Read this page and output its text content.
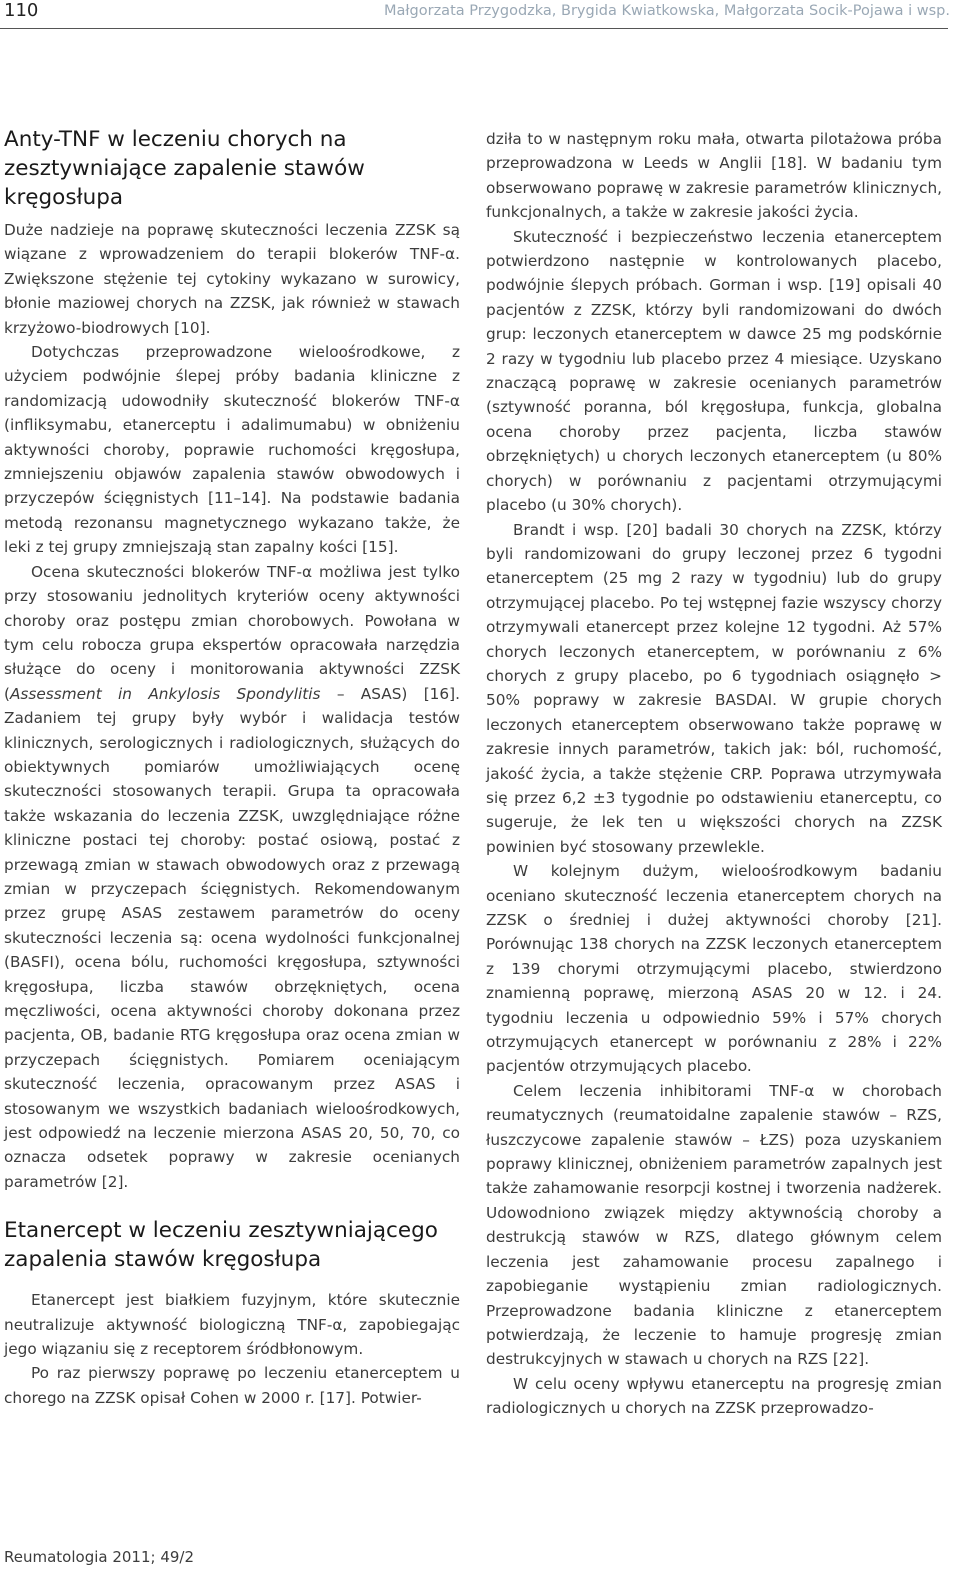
110	Małgorzata Przygodzka, Brygida Kwiatkowska, Małgorzata Socik-Pojawa i wsp.
Anty-TNF w leczeniu chorych na zesztywniające zapalenie stawów kręgosłupa

Duże nadzieje na poprawę skuteczności leczenia ZZSK są wiązane z wprowadzeniem do terapii blokerów TNF-α. Zwiększone stężenie tej cytokiny wykazano w surowicy, błonie maziowej chorych na ZZSK, jak również w stawach krzyżowo-biodrowych [10].

Dotychczas przeprowadzone wieloośrodkowe, z użyciem podwójnie ślepej próby badania kliniczne z randomizacją udowodniły skuteczność blokerów TNF-α (infliksymabu, etanerceptu i adalimumabu) w obniżeniu aktywności choroby, poprawie ruchomości kręgosłupa, zmniejszeniu objawów zapalenia stawów obwodowych i przyczepów ścięgnistych [11–14]. Na podstawie badania metodą rezonansu magnetycznego wykazano także, że leki z tej grupy zmniejszają stan zapalny kości [15].

Ocena skuteczności blokerów TNF-α możliwa jest tylko przy stosowaniu jednolitych kryteriów oceny aktywności choroby oraz postępu zmian chorobowych. Powołana w tym celu robocza grupa ekspertów opracowała narzędzia służące do oceny i monitorowania aktywności ZZSK (Assessment in Ankylosis Spondylitis – ASAS) [16]. Zadaniem tej grupy były wybór i walidacja testów klinicznych, serologicznych i radiologicznych, służących do obiektywnych pomiarów umożliwiających ocenę skuteczności stosowanych terapii. Grupa ta opracowała także wskazania do leczenia ZZSK, uwzględniające różne kliniczne postaci tej choroby: postać osiową, postać z przewagą zmian w stawach obwodowych oraz z przewagą zmian w przyczepach ścięgnistych. Rekomendowanym przez grupę ASAS zestawem parametrów do oceny skuteczności leczenia są: ocena wydolności funkcjonalnej (BASFI), ocena bólu, ruchomości kręgosłupa, sztywności kręgosłupa, liczba stawów obrzękniętych, ocena męczliwości, ocena aktywności choroby dokonana przez pacjenta, OB, badanie RTG kręgosłupa oraz ocena zmian w przyczepach ścięgnistych. Pomiarem oceniającym skuteczność leczenia, opracowanym przez ASAS i stosowanym we wszystkich badaniach wieloośrodkowych, jest odpowiedź na leczenie mierzona ASAS 20, 50, 70, co oznacza odsetek poprawy w zakresie ocenianych parametrów [2].

Etanercept w leczeniu zesztywniającego zapalenia stawów kręgosłupa

Etanercept jest białkiem fuzyjnym, które skutecznie neutralizuje aktywność biologiczną TNF-α, zapobiegając jego wiązaniu się z receptorem śródbłonowym.

Po raz pierwszy poprawę po leczeniu etanerceptem u chorego na ZZSK opisał Cohen w 2000 r. [17]. Potwier-

dziła to w następnym roku mała, otwarta pilotażowa próba przeprowadzona w Leeds w Anglii [18]. W badaniu tym obserwowano poprawę w zakresie parametrów klinicznych, funkcjonalnych, a także w zakresie jakości życia.

Skuteczność i bezpieczeństwo leczenia etanerceptem potwierdzono następnie w kontrolowanych placebo, podwójnie ślepych próbach. Gorman i wsp. [19] opisali 40 pacjentów z ZZSK, którzy byli randomizowani do dwóch grup: leczonych etanerceptem w dawce 25 mg podskórnie 2 razy w tygodniu lub placebo przez 4 miesiące. Uzyskano znaczącą poprawę w zakresie ocenianych parametrów (sztywność poranna, ból kręgosłupa, funkcja, globalna ocena choroby przez pacjenta, liczba stawów obrzękniętych) u chorych leczonych etanerceptem (u 80% chorych) w porównaniu z pacjentami otrzymującymi placebo (u 30% chorych).

Brandt i wsp. [20] badali 30 chorych na ZZSK, którzy byli randomizowani do grupy leczonej przez 6 tygodni etanerceptem (25 mg 2 razy w tygodniu) lub do grupy otrzymującej placebo. Po tej wstępnej fazie wszyscy chorzy otrzymywali etanercept przez kolejne 12 tygodni. Aż 57% chorych leczonych etanerceptem, w porównaniu z 6% chorych z grupy placebo, po 6 tygodniach osiągnęło > 50% poprawy w zakresie BASDAI. W grupie chorych leczonych etanerceptem obserwowano także poprawę w zakresie innych parametrów, takich jak: ból, ruchomość, jakość życia, a także stężenie CRP. Poprawa utrzymywała się przez 6,2 ±3 tygodnie po odstawieniu etanerceptu, co sugeruje, że lek ten u większości chorych na ZZSK powinien być stosowany przewlekle.

W kolejnym dużym, wieloośrodkowym badaniu oceniano skuteczność leczenia etanerceptem chorych na ZZSK o średniej i dużej aktywności choroby [21]. Porównując 138 chorych na ZZSK leczonych etanerceptem z 139 chorymi otrzymującymi placebo, stwierdzono znamienną poprawę, mierzoną ASAS 20 w 12. i 24. tygodniu leczenia u odpowiednio 59% i 57% chorych otrzymujących etanercept w porównaniu z 28% i 22% pacjentów otrzymujących placebo.

Celem leczenia inhibitorami TNF-α w chorobach reumatycznych (reumatoidalne zapalenie stawów – RZS, łuszczycowe zapalenie stawów – ŁZS) poza uzyskaniem poprawy klinicznej, obniżeniem parametrów zapalnych jest także zahamowanie resorpcji kostnej i tworzenia nadżerek. Udowodniono związek między aktywnością choroby a destrukcją stawów w RZS, dlatego głównym celem leczenia jest zahamowanie procesu zapalnego i zapobieganie wystąpieniu zmian radiologicznych. Przeprowadzone badania kliniczne z etanerceptem potwierdzają, że leczenie to hamuje progresję zmian destrukcyjnych w stawach u chorych na RZS [22].

W celu oceny wpływu etanerceptu na progresję zmian radiologicznych u chorych na ZZSK przeprowadzo-

Reumatologia 2011; 49/2
